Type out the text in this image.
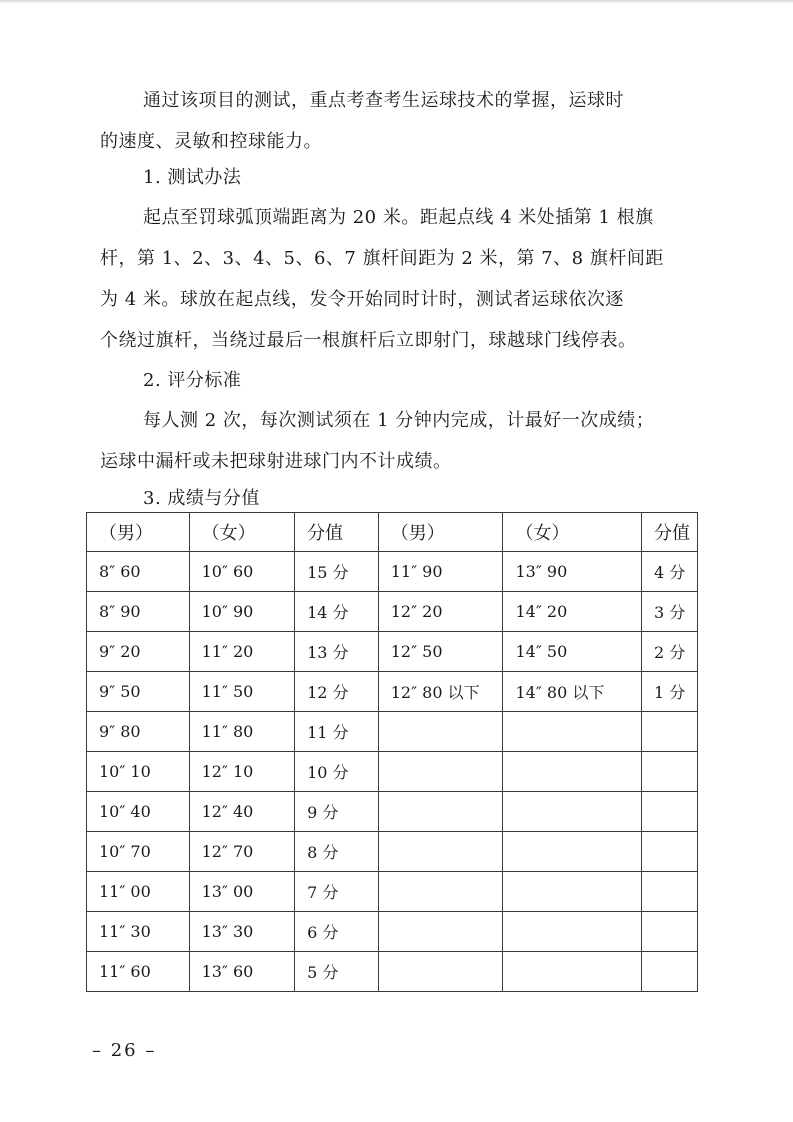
通过该项目的测试，重点考查考生运球技术的掌握，运球时
的速度、灵敏和控球能力。
1. 测试办法
起点至罚球弧顶端距离为 20 米。距起点线 4 米处插第 1 根旗
杆，第 1、2、3、4、5、6、7 旗杆间距为 2 米，第 7、8 旗杆间距
为 4 米。球放在起点线，发令开始同时计时，测试者运球依次逐
个绕过旗杆，当绕过最后一根旗杆后立即射门，球越球门线停表。
2. 评分标准
每人测 2 次，每次测试须在 1 分钟内完成，计最好一次成绩；
运球中漏杆或未把球射进球门内不计成绩。
3. 成绩与分值
（男）	（女）	分值	（男）	（女）	分值
8″ 60	10″ 60	15 分	11″ 90	13″ 90	4 分
8″ 90	10″ 90	14 分	12″ 20	14″ 20	3 分
9″ 20	11″ 20	13 分	12″ 50	14″ 50	2 分
9″ 50	11″ 50	12 分	12″ 80 以下	14″ 80 以下	1 分
9″ 80	11″ 80	11 分			
10″ 10	12″ 10	10 分			
10″ 40	12″ 40	9 分			
10″ 70	12″ 70	8 分			
11″ 00	13″ 00	7 分			
11″ 30	13″ 30	6 分			
11″ 60	13″ 60	5 分			
– 26 –
